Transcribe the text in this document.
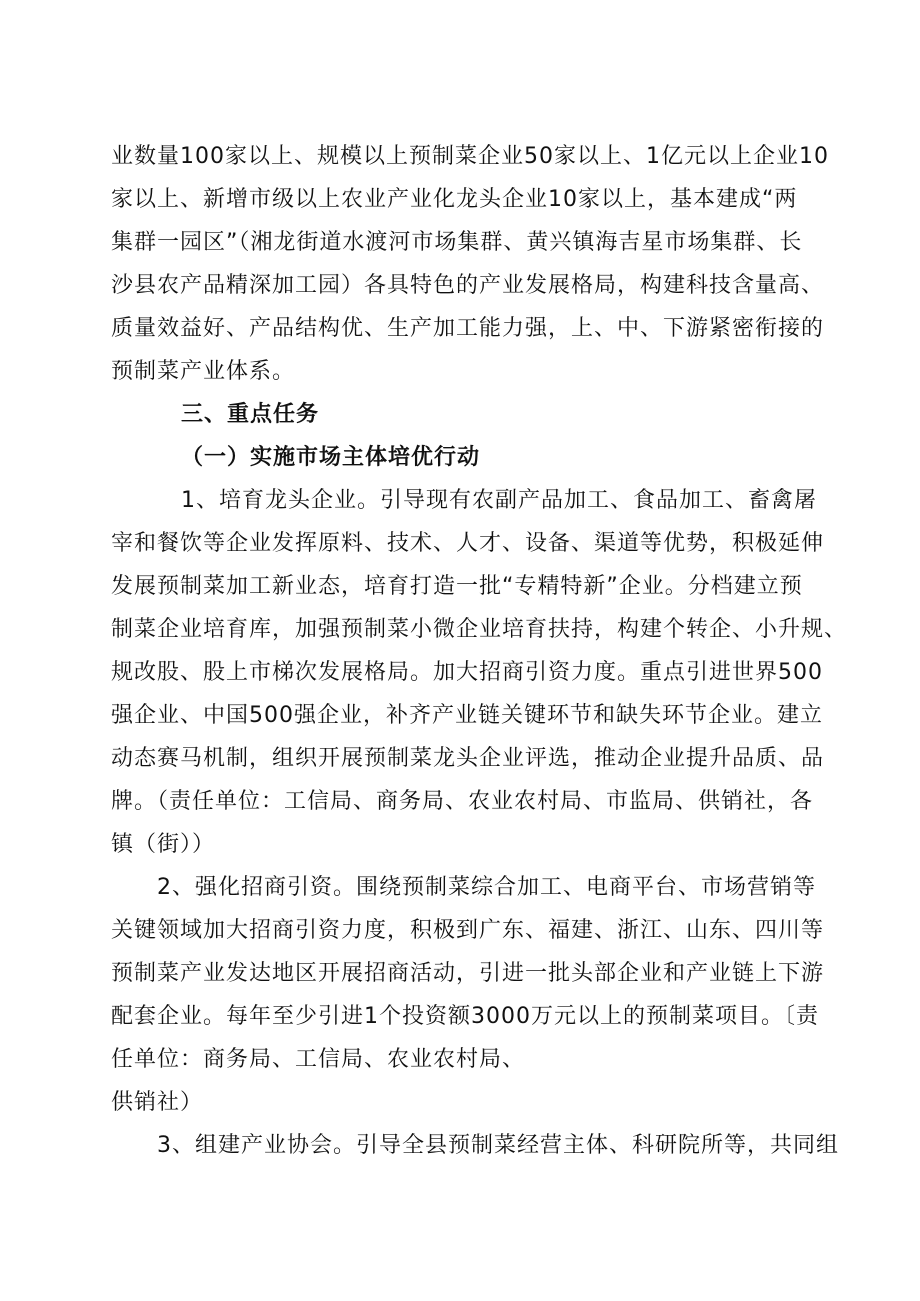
业数量100家以上、规模以上预制菜企业50家以上、1亿元以上企业10
家以上、新增市级以上农业产业化龙头企业10家以上，基本建成“两
集群一园区”（湘龙街道水渡河市场集群、黄兴镇海吉星市场集群、长
沙县农产品精深加工园）各具特色的产业发展格局，构建科技含量高、
质量效益好、产品结构优、生产加工能力强，上、中、下游紧密衔接的
预制菜产业体系。
三、重点任务
（一）实施市场主体培优行动
1、培育龙头企业。引导现有农副产品加工、食品加工、畜禽屠
宰和餐饮等企业发挥原料、技术、人才、设备、渠道等优势，积极延伸
发展预制菜加工新业态，培育打造一批“专精特新”企业。分档建立预
制菜企业培育库，加强预制菜小微企业培育扶持，构建个转企、小升规、
规改股、股上市梯次发展格局。加大招商引资力度。重点引进世界500
强企业、中国500强企业，补齐产业链关键环节和缺失环节企业。建立
动态赛马机制，组织开展预制菜龙头企业评选，推动企业提升品质、品
牌。（责任单位：工信局、商务局、农业农村局、市监局、供销社，各
镇（街））
2、强化招商引资。围绕预制菜综合加工、电商平台、市场营销等
关键领域加大招商引资力度，积极到广东、福建、浙江、山东、四川等
预制菜产业发达地区开展招商活动，引进一批头部企业和产业链上下游
配套企业。每年至少引进1个投资额3000万元以上的预制菜项目。〔责
任单位：商务局、工信局、农业农村局、
供销社）
3、组建产业协会。引导全县预制菜经营主体、科研院所等，共同组
